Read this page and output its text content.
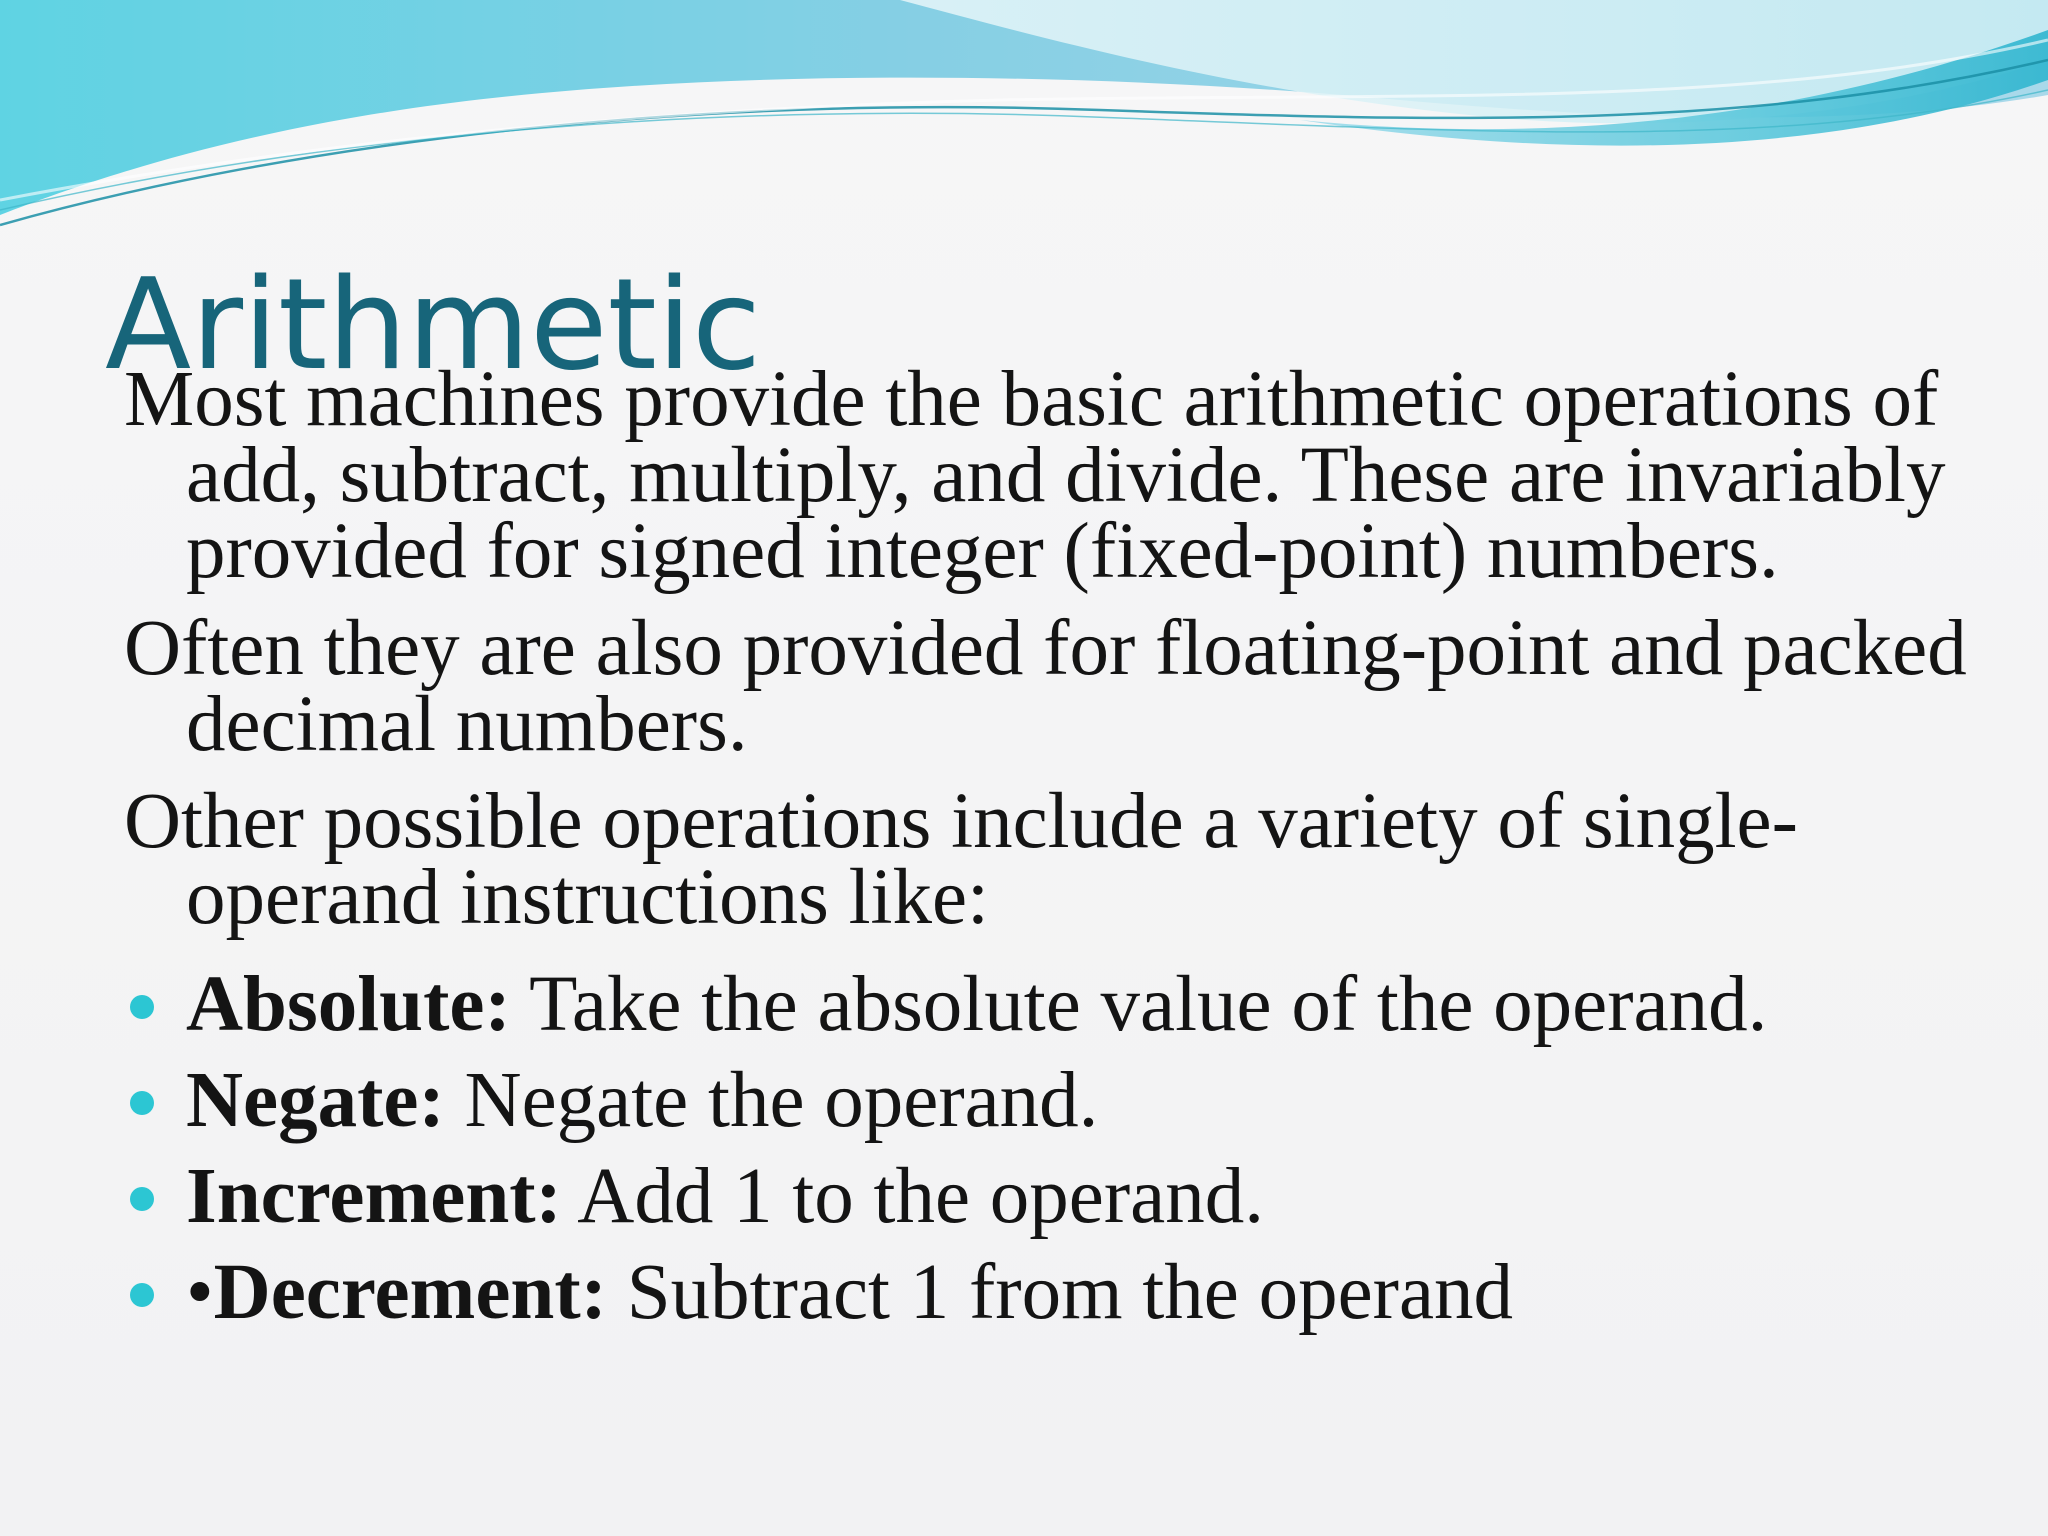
Arithmetic

Most machines provide the basic arithmetic operations of add, subtract, multiply, and divide. These are invariably provided for signed integer (fixed-point) numbers.

Often they are also provided for floating-point and packed decimal numbers.

Other possible operations include a variety of single-operand instructions like:

Absolute: Take the absolute value of the operand.
Negate: Negate the operand.
Increment: Add 1 to the operand.
•Decrement: Subtract 1 from the operand
